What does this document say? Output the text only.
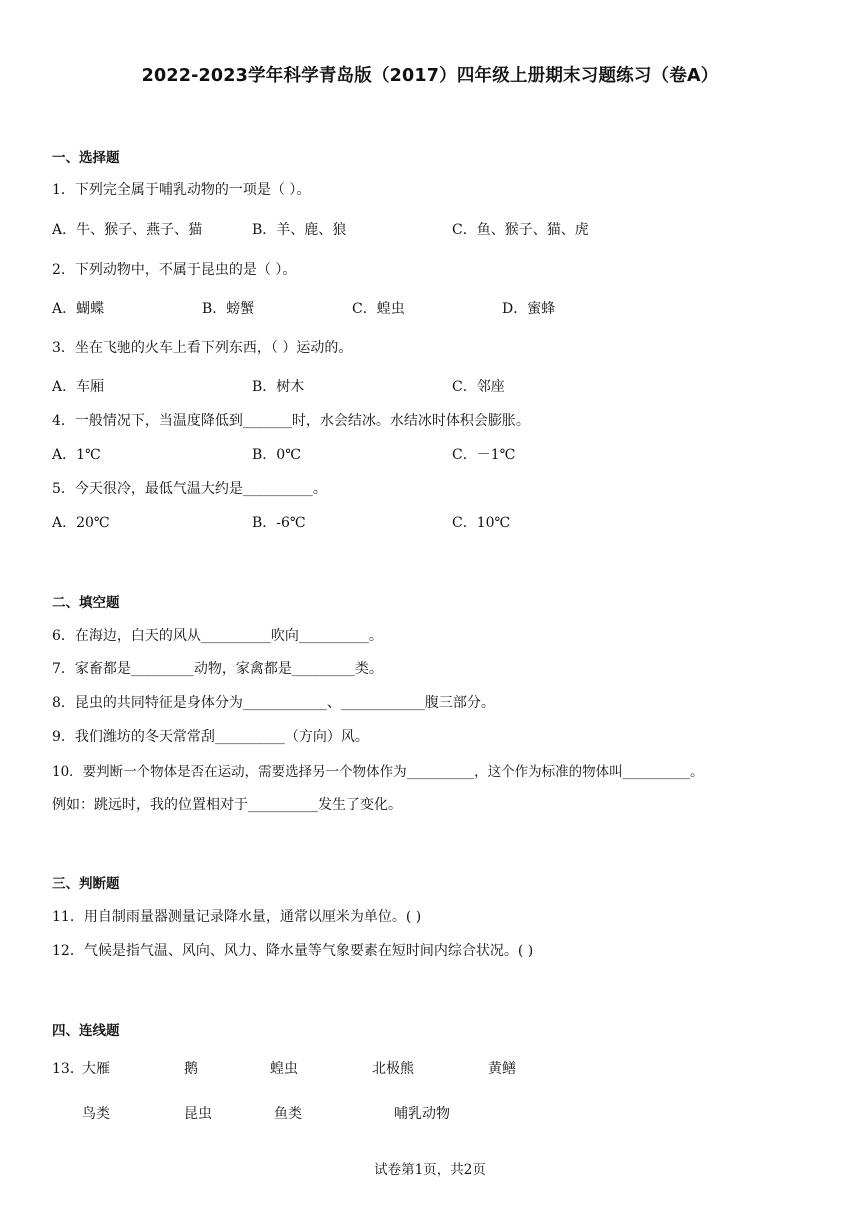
2022-2023学年科学青岛版（2017）四年级上册期末习题练习（卷A）
一、选择题
1．下列完全属于哺乳动物的一项是（ ）。
A．牛、猴子、燕子、猫	B．羊、鹿、狼	C．鱼、猴子、猫、虎
2．下列动物中，不属于昆虫的是（ ）。
A．蝴蝶	B．螃蟹	C．蝗虫	D．蜜蜂
3．坐在飞驰的火车上看下列东西，（ ）运动的。
A．车厢	B．树木	C．邻座
4．一般情况下，当温度降低到_______时，水会结冰。水结冰时体积会膨胀。
A．1℃	B．0℃	C．－1℃
5．今天很冷，最低气温大约是__________。
A．20℃	B．-6℃	C．10℃
二、填空题
6．在海边，白天的风从__________吹向__________。
7．家畜都是_________动物，家禽都是_________类。
8．昆虫的共同特征是身体分为____________、____________腹三部分。
9．我们潍坊的冬天常常刮__________（方向）风。
10．要判断一个物体是否在运动，需要选择另一个物体作为__________，这个作为标准的物体叫__________。
例如：跳远时，我的位置相对于__________发生了变化。
三、判断题
11．用自制雨量器测量记录降水量，通常以厘米为单位。( )
12．气候是指气温、风向、风力、降水量等气象要素在短时间内综合状况。( )
四、连线题
13．
大雁	鹅	蝗虫	北极熊	黄鳝
鸟类	昆虫	鱼类	哺乳动物
试卷第1页，共2页
